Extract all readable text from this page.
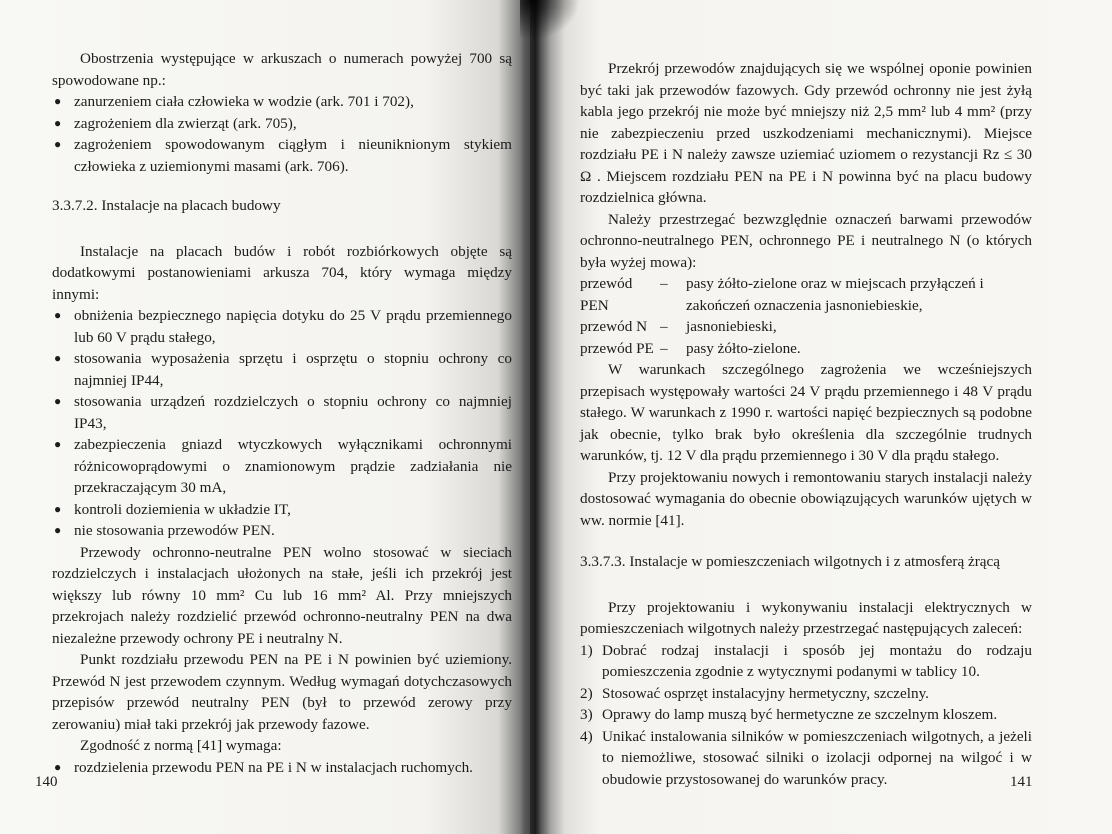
Obostrzenia występujące w arkuszach o numerach powyżej 700 są spowodowane np.:

● zanurzeniem ciała człowieka w wodzie (ark. 701 i 702),
● zagrożeniem dla zwierząt (ark. 705),
● zagrożeniem spowodowanym ciągłym i nieuniknionym stykiem człowieka z uziemionymi masami (ark. 706).

3.3.7.2. Instalacje na placach budowy

Instalacje na placach budów i robót rozbiórkowych objęte są dodatkowymi postanowieniami arkusza 704, który wymaga między innymi:

● obniżenia bezpiecznego napięcia dotyku do 25 V prądu przemiennego lub 60 V prądu stałego,
● stosowania wyposażenia sprzętu i osprzętu o stopniu ochrony co najmniej IP44,
● stosowania urządzeń rozdzielczych o stopniu ochrony co najmniej IP43,
● zabezpieczenia gniazd wtyczkowych wyłącznikami ochronnymi różnicowoprądowymi o znamionowym prądzie zadziałania nie przekraczającym 30 mA,
● kontroli doziemienia w układzie IT,
● nie stosowania przewodów PEN.

Przewody ochronno-neutralne PEN wolno stosować w sieciach rozdzielczych i instalacjach ułożonych na stałe, jeśli ich przekrój jest większy lub równy 10 mm² Cu lub 16 mm² Al. Przy mniejszych przekrojach należy rozdzielić przewód ochronno-neutralny PEN na dwa niezależne przewody ochrony PE i neutralny N.

Punkt rozdziału przewodu PEN na PE i N powinien być uziemiony. Przewód N jest przewodem czynnym. Według wymagań dotychczasowych przepisów przewód neutralny PEN (był to przewód zerowy przy zerowaniu) miał taki przekrój jak przewody fazowe.

Zgodność z normą [41] wymaga:

● rozdzielenia przewodu PEN na PE i N w instalacjach ruchomych.
140

Przekrój przewodów znajdujących się we wspólnej oponie powinien być taki jak przewodów fazowych. Gdy przewód ochronny nie jest żyłą kabla jego przekrój nie może być mniejszy niż 2,5 mm² lub 4 mm² (przy nie zabezpieczeniu przed uszkodzeniami mechanicznymi). Miejsce rozdziału PE i N należy zawsze uziemiać uziomem o rezystancji Rz ≤ 30 Ω . Miejscem rozdziału PEN na PE i N powinna być na placu budowy rozdzielnica główna.

Należy przestrzegać bezwzględnie oznaczeń barwami przewodów ochronno-neutralnego PEN, ochronnego PE i neutralnego N (o których była wyżej mowa):

przewód PEN
–	pasy żółto-zielone oraz w miejscach przyłączeń i zakończeń oznaczenia jasnoniebieskie,
przewód N –	jasnoniebieski,
przewód PE –	pasy żółto-zielone.

W warunkach szczególnego zagrożenia we wcześniejszych przepisach występowały wartości 24 V prądu przemiennego i 48 V prądu stałego. W warunkach z 1990 r. wartości napięć bezpiecznych są podobne jak obecnie, tylko brak było określenia dla szczególnie trudnych warunków, tj. 12 V dla prądu przemiennego i 30 V dla prądu stałego.

Przy projektowaniu nowych i remontowaniu starych instalacji należy dostosować wymagania do obecnie obowiązujących warunków ujętych w ww. normie [41].

3.3.7.3. Instalacje w pomieszczeniach wilgotnych i z atmosferą żrącą

Przy projektowaniu i wykonywaniu instalacji elektrycznych w pomieszczeniach wilgotnych należy przestrzegać następujących zaleceń:

1) Dobrać rodzaj instalacji i sposób jej montażu do rodzaju pomieszczenia zgodnie z wytycznymi podanymi w tablicy 10.
2) Stosować osprzęt instalacyjny hermetyczny, szczelny.
3) Oprawy do lamp muszą być hermetyczne ze szczelnym kloszem.
4) Unikać instalowania silników w pomieszczeniach wilgotnych, a jeżeli to niemożliwe, stosować silniki o izolacji odpornej na wilgoć i w obudowie przystosowanej do warunków pracy.	141
